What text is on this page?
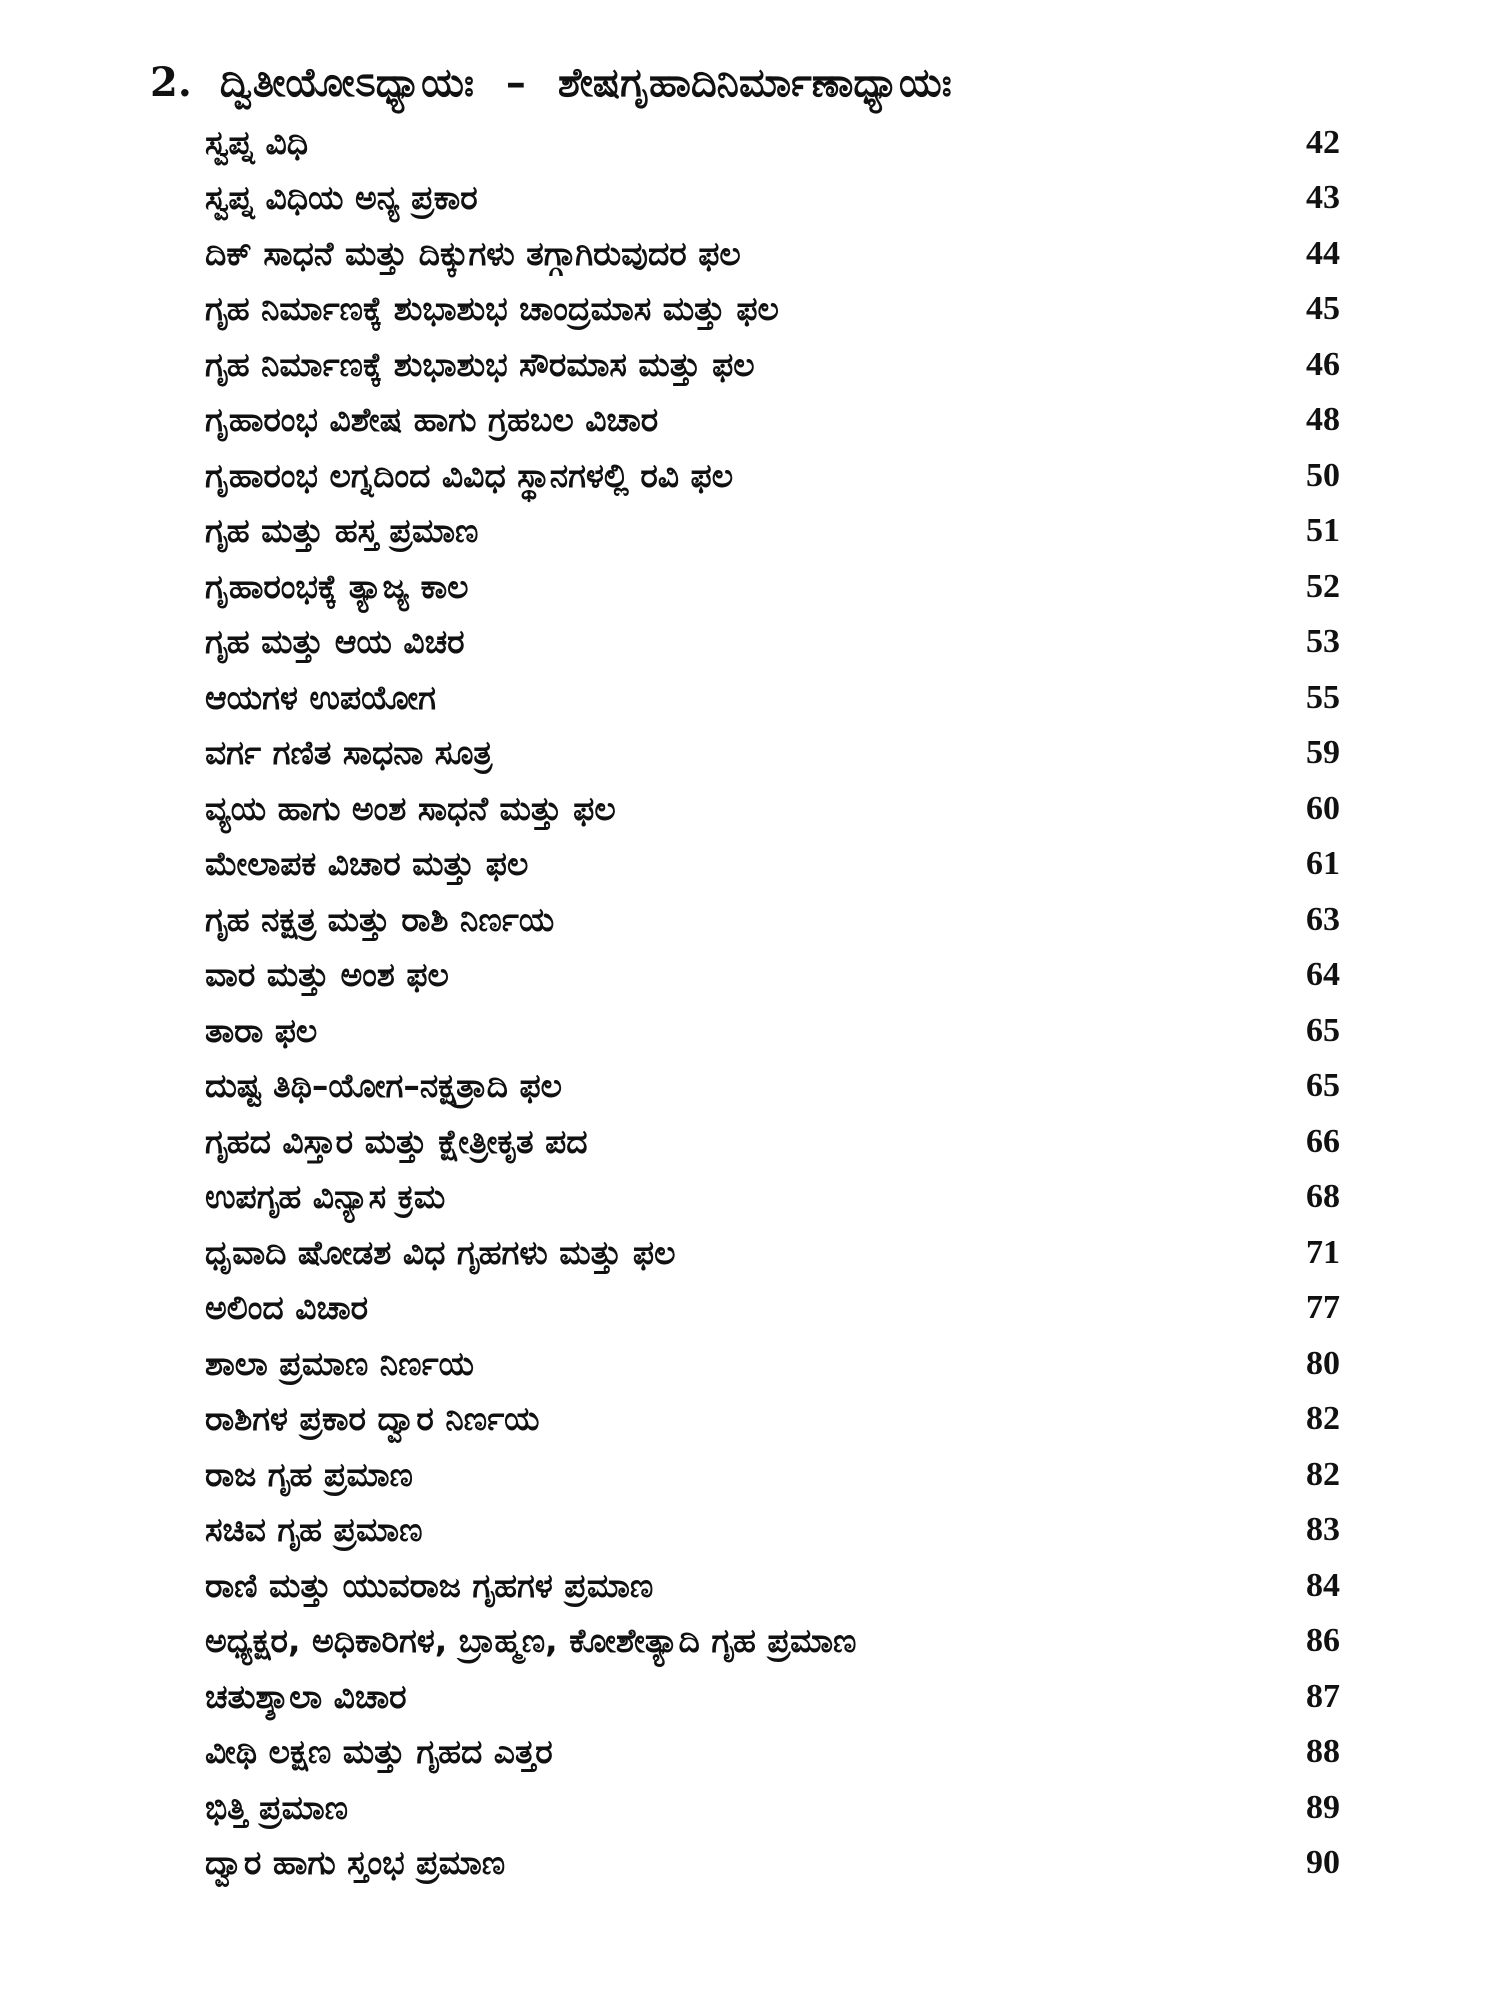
2. ದ್ವಿತೀಯೋಽಧ್ಯಾಯಃ – ಶೇಷಗೃಹಾದಿನಿರ್ಮಾಣಾಧ್ಯಾಯಃ
ಸ್ವಪ್ನ ವಿಧಿ	42
ಸ್ವಪ್ನ ವಿಧಿಯ ಅನ್ಯ ಪ್ರಕಾರ	43
ದಿಕ್ ಸಾಧನೆ ಮತ್ತು ದಿಕ್ಕುಗಳು ತಗ್ಗಾಗಿರುವುದರ ಫಲ	44
ಗೃಹ ನಿರ್ಮಾಣಕ್ಕೆ ಶುಭಾಶುಭ ಚಾಂದ್ರಮಾಸ ಮತ್ತು ಫಲ	45
ಗೃಹ ನಿರ್ಮಾಣಕ್ಕೆ ಶುಭಾಶುಭ ಸೌರಮಾಸ ಮತ್ತು ಫಲ	46
ಗೃಹಾರಂಭ ವಿಶೇಷ ಹಾಗು ಗ್ರಹಬಲ ವಿಚಾರ	48
ಗೃಹಾರಂಭ ಲಗ್ನದಿಂದ ವಿವಿಧ ಸ್ಥಾನಗಳಲ್ಲಿ ರವಿ ಫಲ	50
ಗೃಹ ಮತ್ತು ಹಸ್ತ ಪ್ರಮಾಣ	51
ಗೃಹಾರಂಭಕ್ಕೆ ತ್ಯಾಜ್ಯ ಕಾಲ	52
ಗೃಹ ಮತ್ತು ಆಯ ವಿಚರ	53
ಆಯಗಳ ಉಪಯೋಗ	55
ವರ್ಗ ಗಣಿತ ಸಾಧನಾ ಸೂತ್ರ	59
ವ್ಯಯ ಹಾಗು ಅಂಶ ಸಾಧನೆ ಮತ್ತು ಫಲ	60
ಮೇಲಾಪಕ ವಿಚಾರ ಮತ್ತು ಫಲ	61
ಗೃಹ ನಕ್ಷತ್ರ ಮತ್ತು ರಾಶಿ ನಿರ್ಣಯ	63
ವಾರ ಮತ್ತು ಅಂಶ ಫಲ	64
ತಾರಾ ಫಲ	65
ದುಷ್ಟ ತಿಥಿ–ಯೋಗ–ನಕ್ಷತ್ರಾದಿ ಫಲ	65
ಗೃಹದ ವಿಸ್ತಾರ ಮತ್ತು ಕ್ಷೇತ್ರೀಕೃತ ಪದ	66
ಉಪಗೃಹ ವಿನ್ಯಾಸ ಕ್ರಮ	68
ಧೃವಾದಿ ಷೋಡಶ ವಿಧ ಗೃಹಗಳು ಮತ್ತು ಫಲ	71
ಅಲಿಂದ ವಿಚಾರ	77
ಶಾಲಾ ಪ್ರಮಾಣ ನಿರ್ಣಯ	80
ರಾಶಿಗಳ ಪ್ರಕಾರ ದ್ವಾರ ನಿರ್ಣಯ	82
ರಾಜ ಗೃಹ ಪ್ರಮಾಣ	82
ಸಚಿವ ಗೃಹ ಪ್ರಮಾಣ	83
ರಾಣಿ ಮತ್ತು ಯುವರಾಜ ಗೃಹಗಳ ಪ್ರಮಾಣ	84
ಅಧ್ಯಕ್ಷರ, ಅಧಿಕಾರಿಗಳ, ಬ್ರಾಹ್ಮಣ, ಕೋಶೇತ್ಯಾದಿ ಗೃಹ ಪ್ರಮಾಣ	86
ಚತುಶ್ಶಾಲಾ ವಿಚಾರ	87
ವೀಥಿ ಲಕ್ಷಣ ಮತ್ತು ಗೃಹದ ಎತ್ತರ	88
ಭಿತ್ತಿ ಪ್ರಮಾಣ	89
ದ್ವಾರ ಹಾಗು ಸ್ತಂಭ ಪ್ರಮಾಣ	90
